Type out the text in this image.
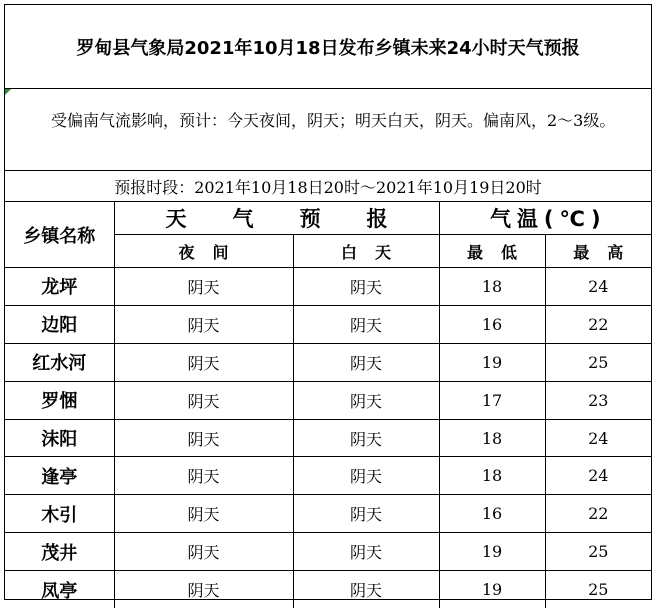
罗甸县气象局2021年10月18日发布乡镇未来24小时天气预报
受偏南气流影响，预计：今天夜间，阴天；明天白天，阴天。偏南风，2～3级。
预报时段：2021年10月18日20时～2021年10月19日20时
乡镇名称	天气预报		气温(℃)	
	夜间	白天	最低	最高
龙坪	阴天	阴天	18	24
边阳	阴天	阴天	16	22
红水河	阴天	阴天	19	25
罗悃	阴天	阴天	17	23
沫阳	阴天	阴天	18	24
逢亭	阴天	阴天	18	24
木引	阴天	阴天	16	22
茂井	阴天	阴天	19	25
凤亭	阴天	阴天	19	25
